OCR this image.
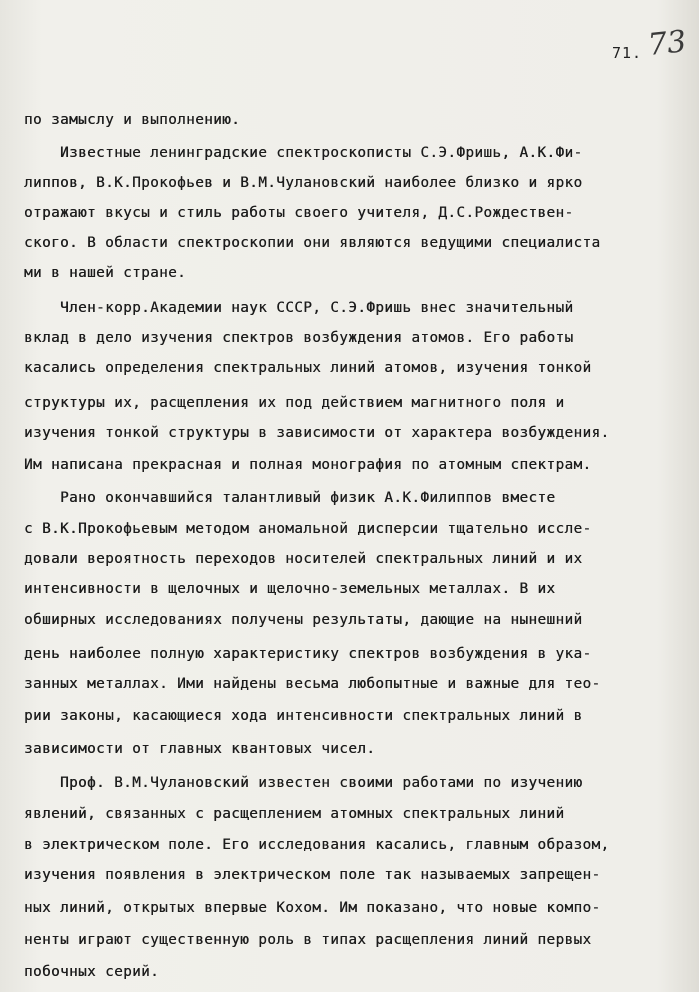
71. 73
по замыслу и выполнению.
Известные ленинградские спектроскописты С.Э.Фришь, А.К.Фи-
липпов, В.К.Прокофьев и В.М.Чулановский наиболее близко и ярко
отражают вкусы и стиль работы своего учителя, Д.С.Рождествен-
ского. В области спектроскопии они являются ведущими специалиста
ми в нашей стране.
Член-корр.Академии наук СССР, С.Э.Фришь внес значительный
вклад в дело изучения спектров возбуждения атомов. Его работы
касались определения спектральных линий атомов, изучения тонкой
структуры их, расщепления их под действием магнитного поля и
изучения тонкой структуры в зависимости от характера возбуждения.
Им написана прекрасная и полная монография по атомным спектрам.
Рано окончавшийся талантливый физик А.К.Филиппов вместе
с В.К.Прокофьевым методом аномальной дисперсии тщательно иссле-
довали вероятность переходов носителей спектральных линий и их
интенсивности в щелочных и щелочно-земельных металлах. В их
обширных исследованиях получены результаты, дающие на нынешний
день наиболее полную характеристику спектров возбуждения в ука-
занных металлах. Ими найдены весьма любопытные и важные для тео-
рии законы, касающиеся хода интенсивности спектральных линий в
зависимости от главных квантовых чисел.
Проф. В.М.Чулановский известен своими работами по изучению
явлений, связанных с расщеплением атомных спектральных линий
в электрическом поле. Его исследования касались, главным образом,
изучения появления в электрическом поле так называемых запрещен-
ных линий, открытых впервые Кохом. Им показано, что новые компо-
ненты играют существенную роль в типах расщепления линий первых
побочных серий.
